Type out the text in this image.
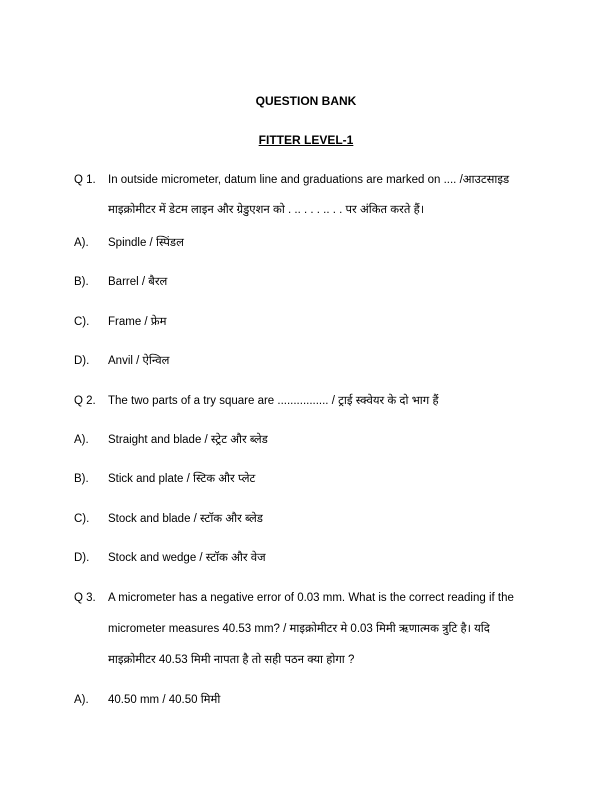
QUESTION BANK
FITTER LEVEL-1
Q 1. In outside micrometer, datum line and graduations are marked on .... /आउटसाइड
माइक्रोमीटर में डेटम लाइन और ग्रेडुएशन को . .. . . . .. . . पर अंकित करते हैं।
A). Spindle / स्पिंडल
B). Barrel / बैरल
C). Frame / फ्रेम
D). Anvil / ऐन्विल
Q 2. The two parts of a try square are ................ / ट्राई स्क्वेयर के दो भाग हैं
A). Straight and blade / स्ट्रेट और ब्लेड
B). Stick and plate / स्टिक और प्लेट
C). Stock and blade / स्टॉक और ब्लेड
D). Stock and wedge / स्टॉक और वेज
Q 3. A micrometer has a negative error of 0.03 mm. What is the correct reading if the
micrometer measures 40.53 mm? / माइक्रोमीटर मे 0.03 मिमी ऋणात्मक त्रुटि है। यदि
माइक्रोमीटर 40.53 मिमी नापता है तो सही पठन क्या होगा ?
A). 40.50 mm / 40.50 मिमी
